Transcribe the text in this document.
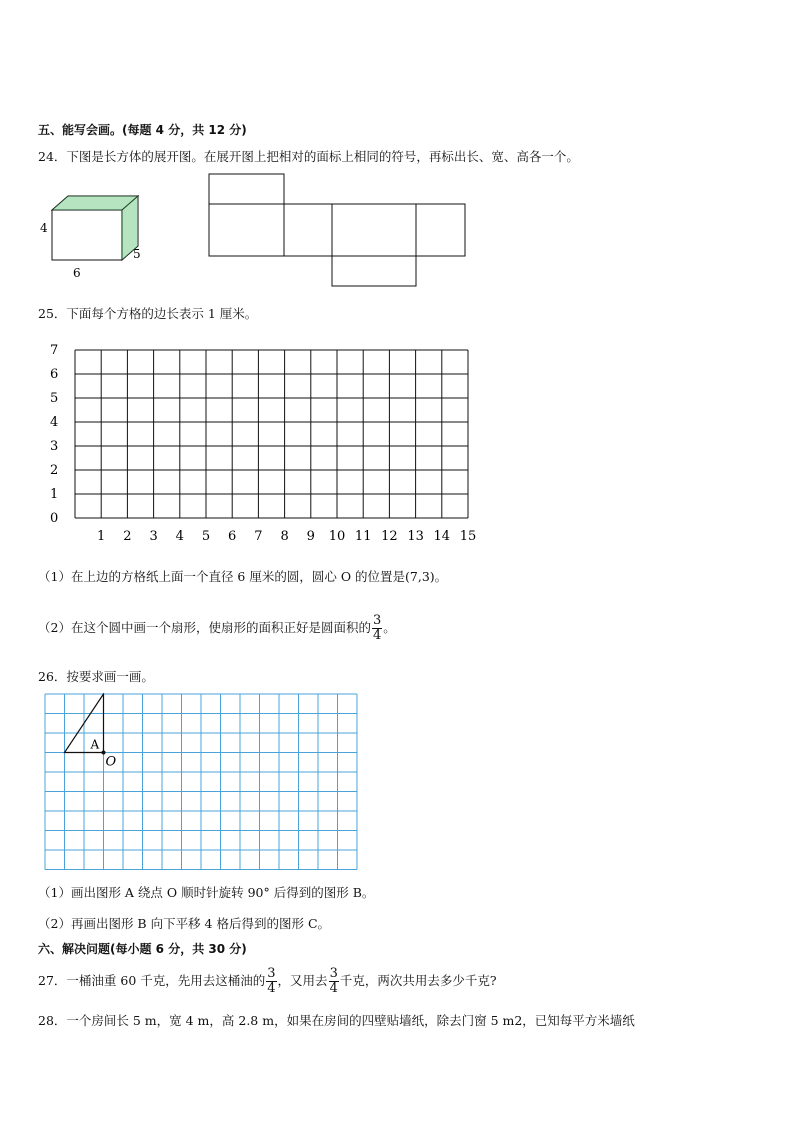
五、能写会画。(每题 4 分，共 12 分)
24．下图是长方体的展开图。在展开图上把相对的面标上相同的符号，再标出长、宽、高各一个。
4
6
5
25．下面每个方格的边长表示 1 厘米。
0
1
2
3
4
5
6
7
1 2 3 4 5 6 7 8 9 10 11 12 13 14 15
（1）在上边的方格纸上面一个直径 6 厘米的圆，圆心 O 的位置是(7,3)。
（2）在这个圆中画一个扇形，使扇形的面积正好是圆面积的 $\frac{3}{4}$ 。
26．按要求画一画。
A
O
（1）画出图形 A 绕点 O 顺时针旋转 90° 后得到的图形 B。
（2）再画出图形 B 向下平移 4 格后得到的图形 C。
六、解决问题(每小题 6 分，共 30 分)
27．一桶油重 60 千克，先用去这桶油的 $\frac{3}{4}$ ，又用去 $\frac{3}{4}$ 千克，两次共用去多少千克?
28．一个房间长 5 m，宽 4 m，高 2.8 m，如果在房间的四壁贴墙纸，除去门窗 5 m2，已知每平方米墙纸
